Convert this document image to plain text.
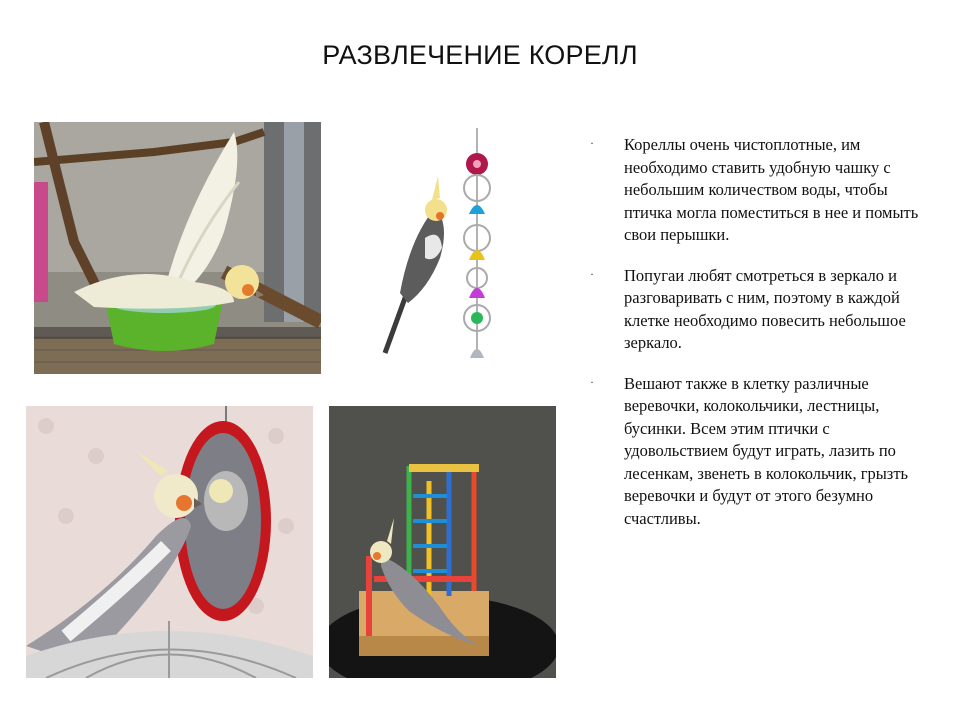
РАЗВЛЕЧЕНИЕ КОРЕЛЛ
· Кореллы очень чистоплотные, им необходимо ставить удобную чашку с небольшим количеством воды, чтобы птичка могла поместиться в нее и помыть свои перышки.
· Попугаи любят смотреться в зеркало и разговаривать с ним, поэтому в каждой клетке необходимо повесить небольшое зеркало.
· Вешают также в клетку различные веревочки, колокольчики, лестницы, бусинки. Всем этим птички с удовольствием будут играть, лазить по лесенкам, звенеть в колокольчик, грызть веревочки и будут от этого безумно счастливы.
